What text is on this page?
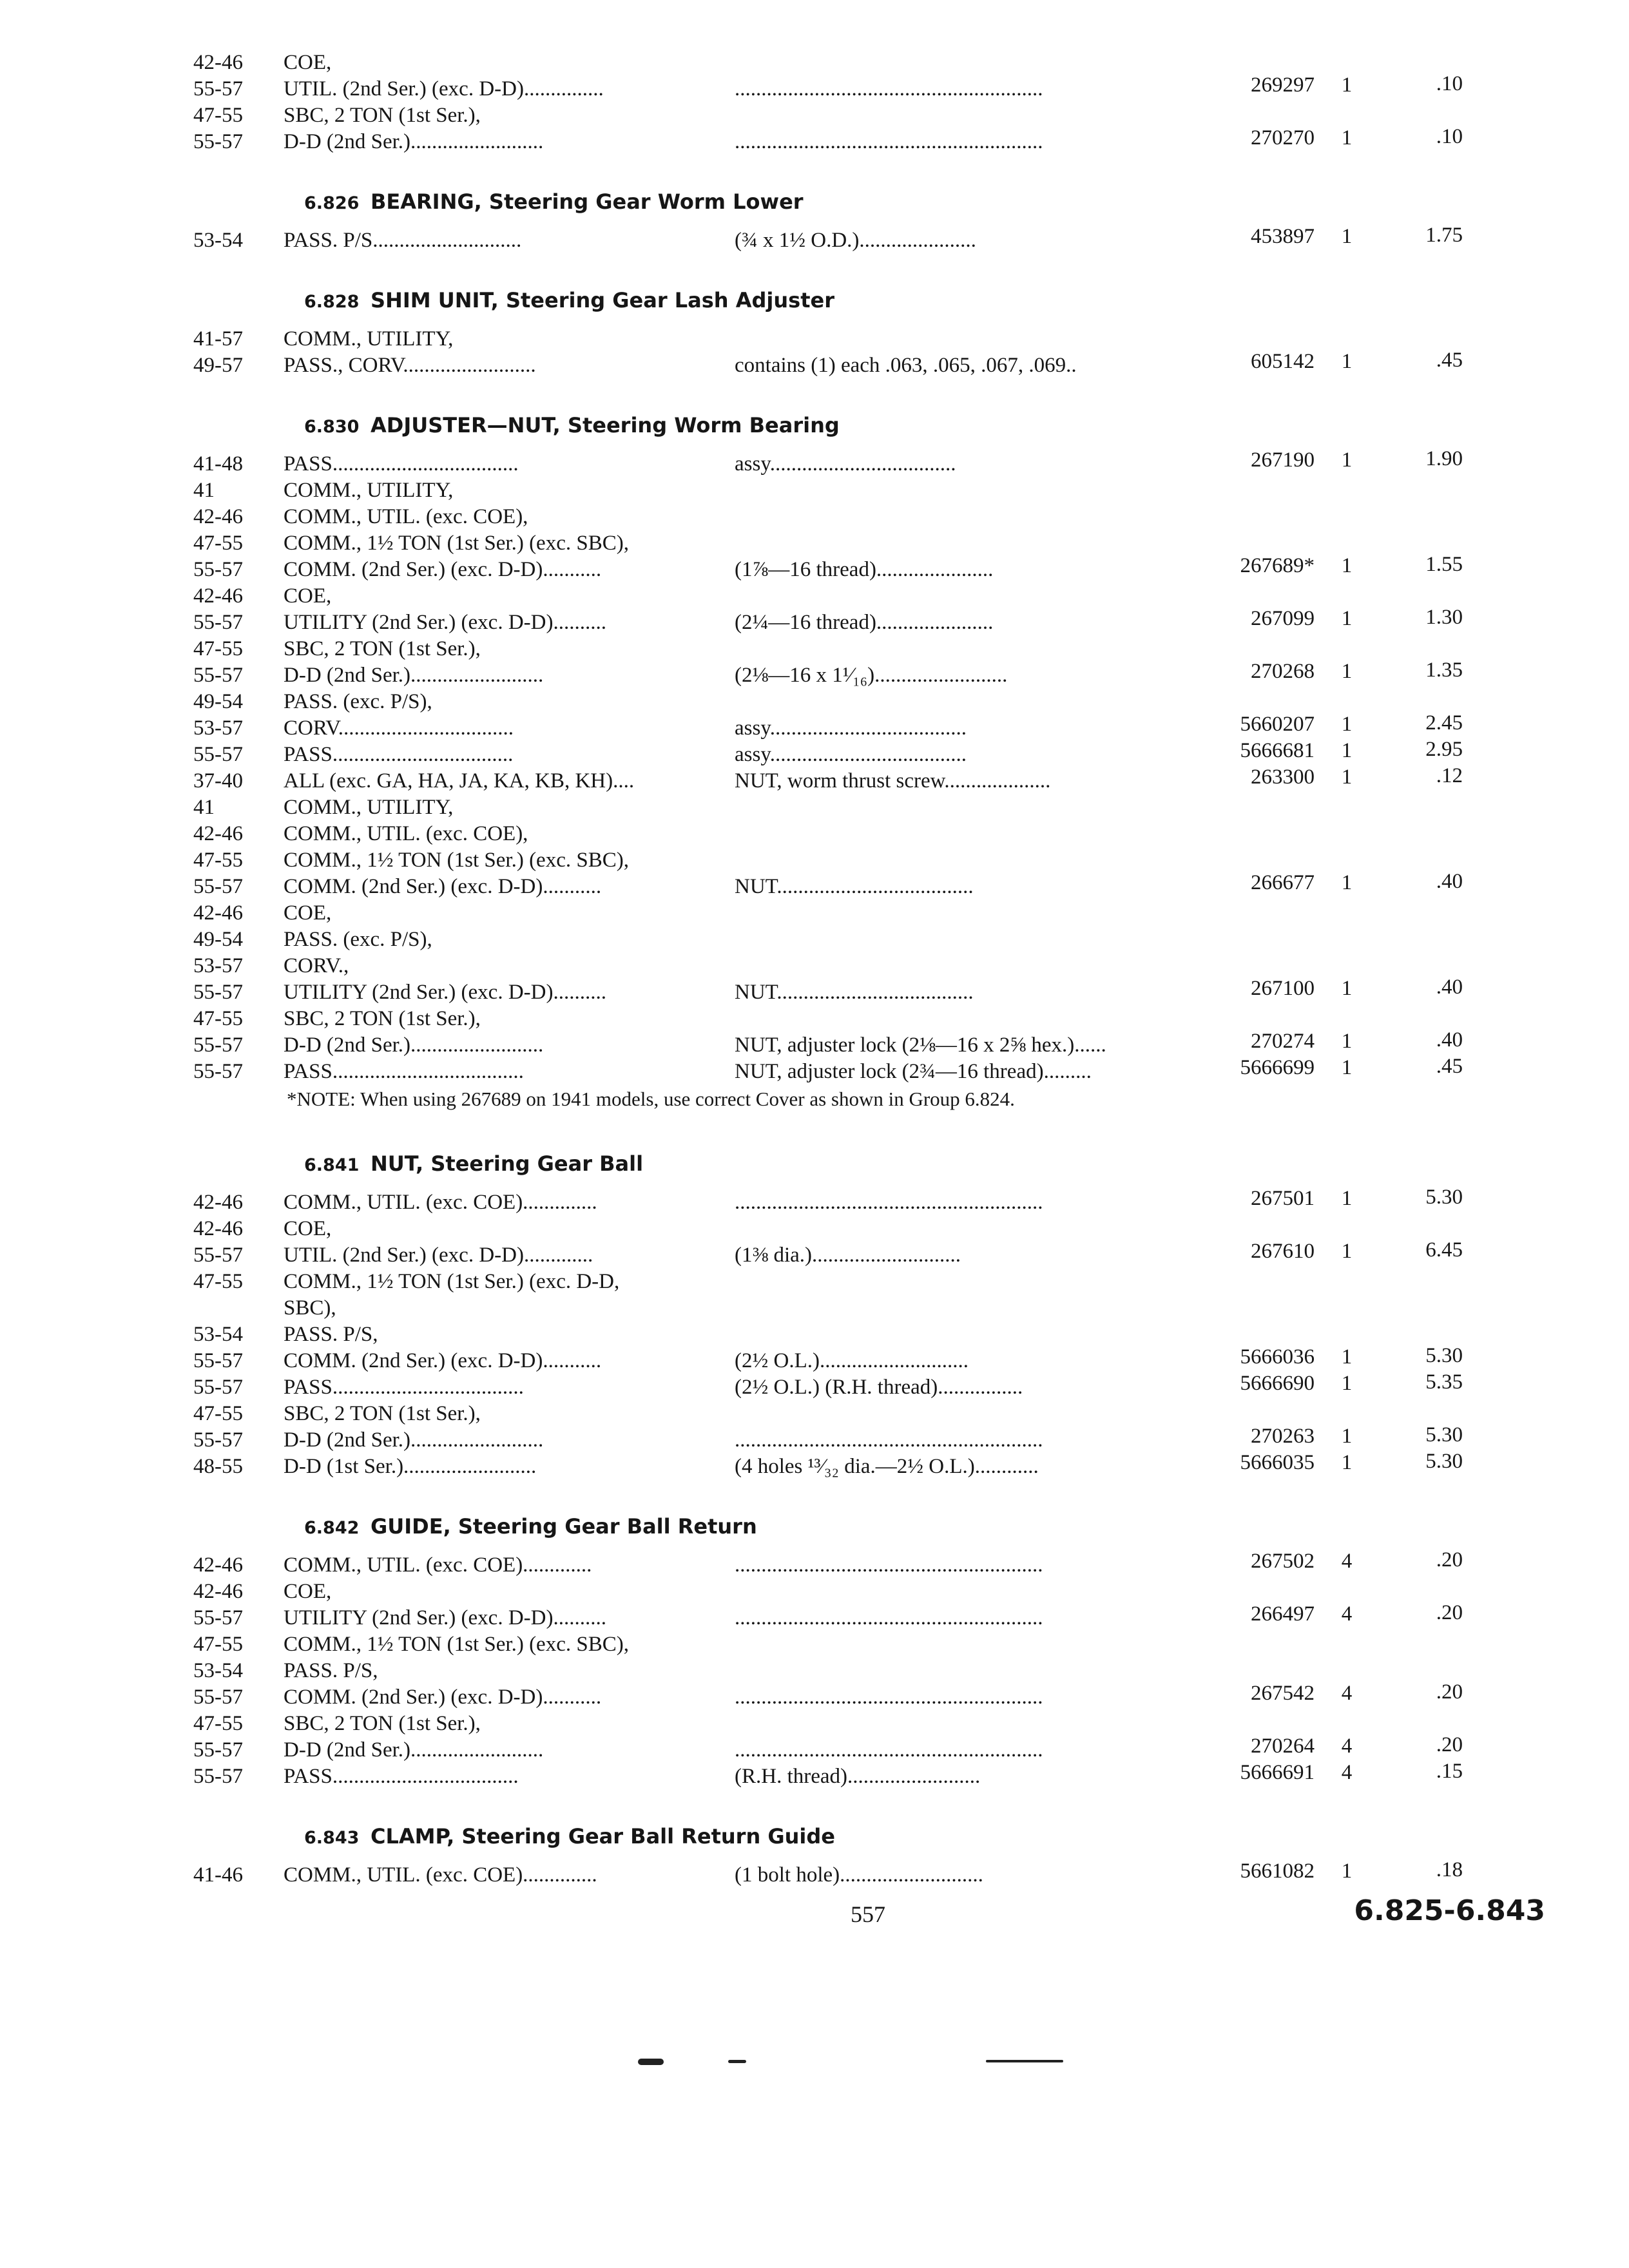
42-46	COE,
55-57	UTIL. (2nd Ser.) (exc. D-D)...............	..........................................................	269297 1	.10
47-55	SBC, 2 TON (1st Ser.),
55-57	D-D (2nd Ser.).........................	..........................................................	270270 1	.10
6.826 BEARING, Steering Gear Worm Lower
53-54	PASS. P/S............................	(¾ x 1½ O.D.)......................	453897 1	1.75
6.828 SHIM UNIT, Steering Gear Lash Adjuster
41-57	COMM., UTILITY,
49-57	PASS., CORV.........................	contains (1) each .063, .065, .067, .069..	605142 1	.45
6.830 ADJUSTER—NUT, Steering Worm Bearing
41-48	PASS...................................	assy...................................	267190 1	1.90
41	COMM., UTILITY,
42-46	COMM., UTIL. (exc. COE),
47-55	COMM., 1½ TON (1st Ser.) (exc. SBC),
55-57	COMM. (2nd Ser.) (exc. D-D)...........	(1⅞—16 thread)......................	267689* 1	1.55
42-46	COE,
55-57	UTILITY (2nd Ser.) (exc. D-D)..........	(2¼—16 thread)......................	267099 1	1.30
47-55	SBC, 2 TON (1st Ser.),
55-57	D-D (2nd Ser.).........................	(2⅛—16 x 1¹⁄₁₆).........................	270268 1	1.35
49-54	PASS. (exc. P/S),
53-57	CORV.................................	assy.....................................	5660207 1	2.45
55-57	PASS..................................	assy.....................................	5666681 1	2.95
37-40	ALL (exc. GA, HA, JA, KA, KB, KH)....	NUT, worm thrust screw....................	263300 1	.12
41	COMM., UTILITY,
42-46	COMM., UTIL. (exc. COE),
47-55	COMM., 1½ TON (1st Ser.) (exc. SBC),
55-57	COMM. (2nd Ser.) (exc. D-D)...........	NUT.....................................	266677 1	.40
42-46	COE,
49-54	PASS. (exc. P/S),
53-57	CORV.,
55-57	UTILITY (2nd Ser.) (exc. D-D)..........	NUT.....................................	267100 1	.40
47-55	SBC, 2 TON (1st Ser.),
55-57	D-D (2nd Ser.).........................	NUT, adjuster lock (2⅛—16 x 2⅝ hex.)......	270274 1	.40
55-57	PASS....................................	NUT, adjuster lock (2¾—16 thread).........	5666699 1	.45
*NOTE: When using 267689 on 1941 models, use correct Cover as shown in Group 6.824.
6.841 NUT, Steering Gear Ball
42-46	COMM., UTIL. (exc. COE)..............	..........................................................	267501 1	5.30
42-46	COE,
55-57	UTIL. (2nd Ser.) (exc. D-D).............	(1⅜ dia.)............................	267610 1	6.45
47-55	COMM., 1½ TON (1st Ser.) (exc. D-D,
SBC),
53-54	PASS. P/S,
55-57	COMM. (2nd Ser.) (exc. D-D)...........	(2½ O.L.)............................	5666036 1	5.30
55-57	PASS....................................	(2½ O.L.) (R.H. thread)................	5666690 1	5.35
47-55	SBC, 2 TON (1st Ser.),
55-57	D-D (2nd Ser.).........................	..........................................................	270263 1	5.30
48-55	D-D (1st Ser.).........................	(4 holes ¹³⁄₃₂ dia.—2½ O.L.)............	5666035 1	5.30
6.842 GUIDE, Steering Gear Ball Return
42-46	COMM., UTIL. (exc. COE).............	..........................................................	267502 4	.20
42-46	COE,
55-57	UTILITY (2nd Ser.) (exc. D-D)..........	..........................................................	266497 4	.20
47-55	COMM., 1½ TON (1st Ser.) (exc. SBC),
53-54	PASS. P/S,
55-57	COMM. (2nd Ser.) (exc. D-D)...........	..........................................................	267542 4	.20
47-55	SBC, 2 TON (1st Ser.),
55-57	D-D (2nd Ser.).........................	..........................................................	270264 4	.20
55-57	PASS...................................	(R.H. thread).........................	5666691 4	.15
6.843 CLAMP, Steering Gear Ball Return Guide
41-46	COMM., UTIL. (exc. COE)..............	(1 bolt hole)...........................	5661082 1	.18
557	6.825-6.843
